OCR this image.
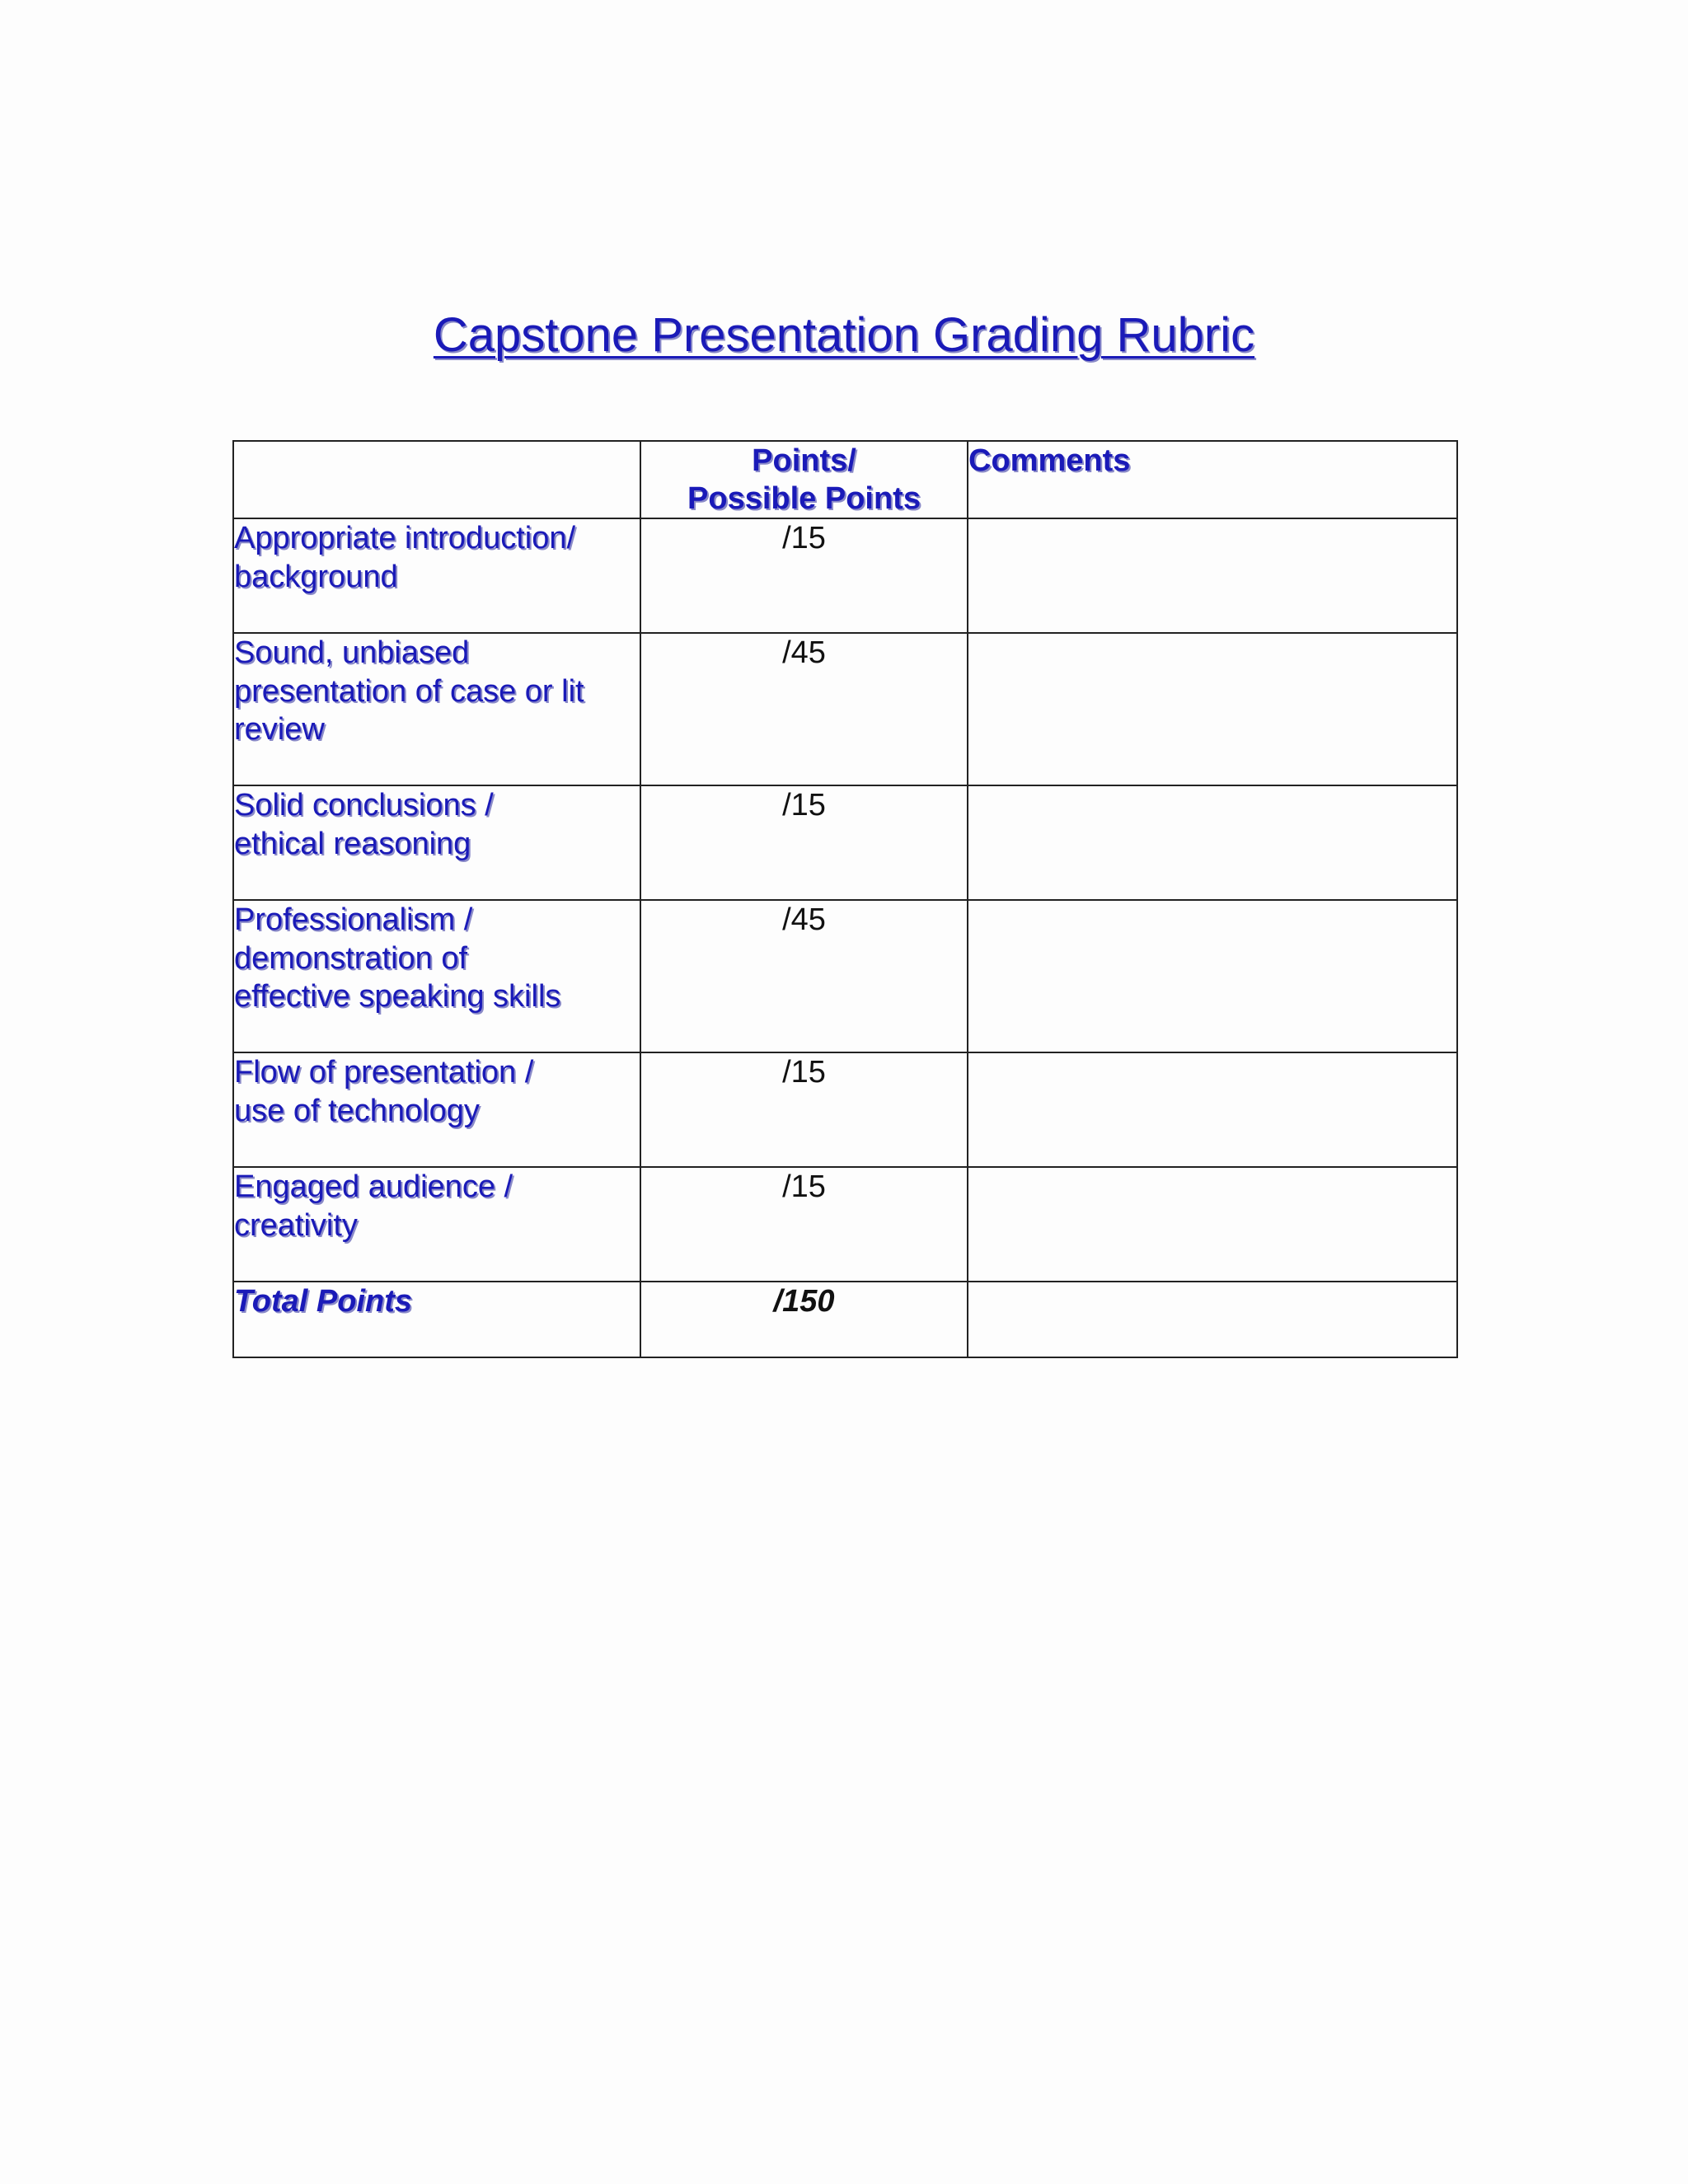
Capstone Presentation Grading Rubric

	Points/
Possible Points	Comments

Appropriate introduction/
background	/15	

Sound, unbiased
presentation of case or lit
review	/45	

Solid conclusions /
ethical reasoning	/15	

Professionalism /
demonstration of
effective speaking skills	/45	

Flow of presentation /
use of technology	/15	

Engaged audience /
creativity	/15	
Total Points	/150	
